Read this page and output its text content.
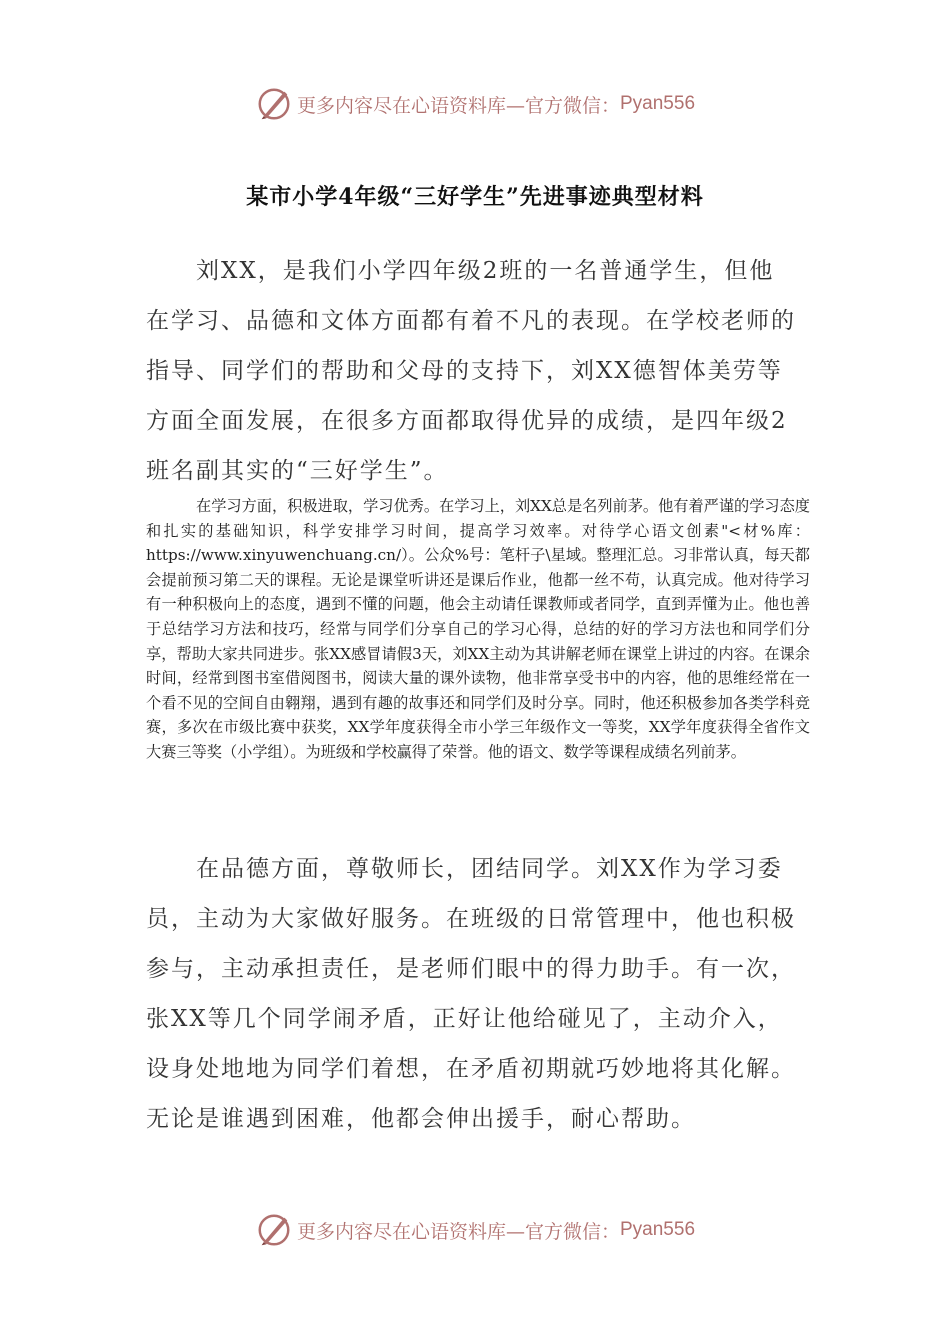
更多内容尽在心语资料库—官方微信： Pyan556
某市小学4年级“三好学生”先进事迹典型材料

刘XX，是我们小学四年级2班的一名普通学生，但他在学习、品德和文体方面都有着不凡的表现。在学校老师的指导、同学们的帮助和父母的支持下，刘XX德智体美劳等方面全面发展，在很多方面都取得优异的成绩，是四年级2班名副其实的“三好学生”。

在学习方面，积极进取，学习优秀。在学习上，刘XX总是名列前茅。他有着严谨的学习态度和扎实的基础知识，科学安排学习时间，提高学习效率。对待学心语文创素"<材%库：https://www.xinyuwenchuang.cn/）。公众%号：笔杆子\星域。整理汇总。习非常认真，每天都会提前预习第二天的课程。无论是课堂听讲还是课后作业，他都一丝不苟，认真完成。他对待学习有一种积极向上的态度，遇到不懂的问题，他会主动请任课教师或者同学，直到弄懂为止。他也善于总结学习方法和技巧，经常与同学们分享自己的学习心得，总结的好的学习方法也和同学们分享，帮助大家共同进步。张XX感冒请假3天，刘XX主动为其讲解老师在课堂上讲过的内容。在课余时间，经常到图书室借阅图书，阅读大量的课外读物，他非常享受书中的内容，他的思维经常在一个看不见的空间自由翱翔，遇到有趣的故事还和同学们及时分享。同时，他还积极参加各类学科竞赛，多次在市级比赛中获奖，XX学年度获得全市小学三年级作文一等奖，XX学年度获得全省作文大赛三等奖（小学组）。为班级和学校赢得了荣誉。他的语文、数学等课程成绩名列前茅。

在品德方面，尊敬师长，团结同学。刘XX作为学习委员，主动为大家做好服务。在班级的日常管理中，他也积极参与，主动承担责任，是老师们眼中的得力助手。有一次，张XX等几个同学闹矛盾，正好让他给碰见了，主动介入，设身处地地为同学们着想，在矛盾初期就巧妙地将其化解。无论是谁遇到困难，他都会伸出援手，耐心帮助。

更多内容尽在心语资料库—官方微信： Pyan556
